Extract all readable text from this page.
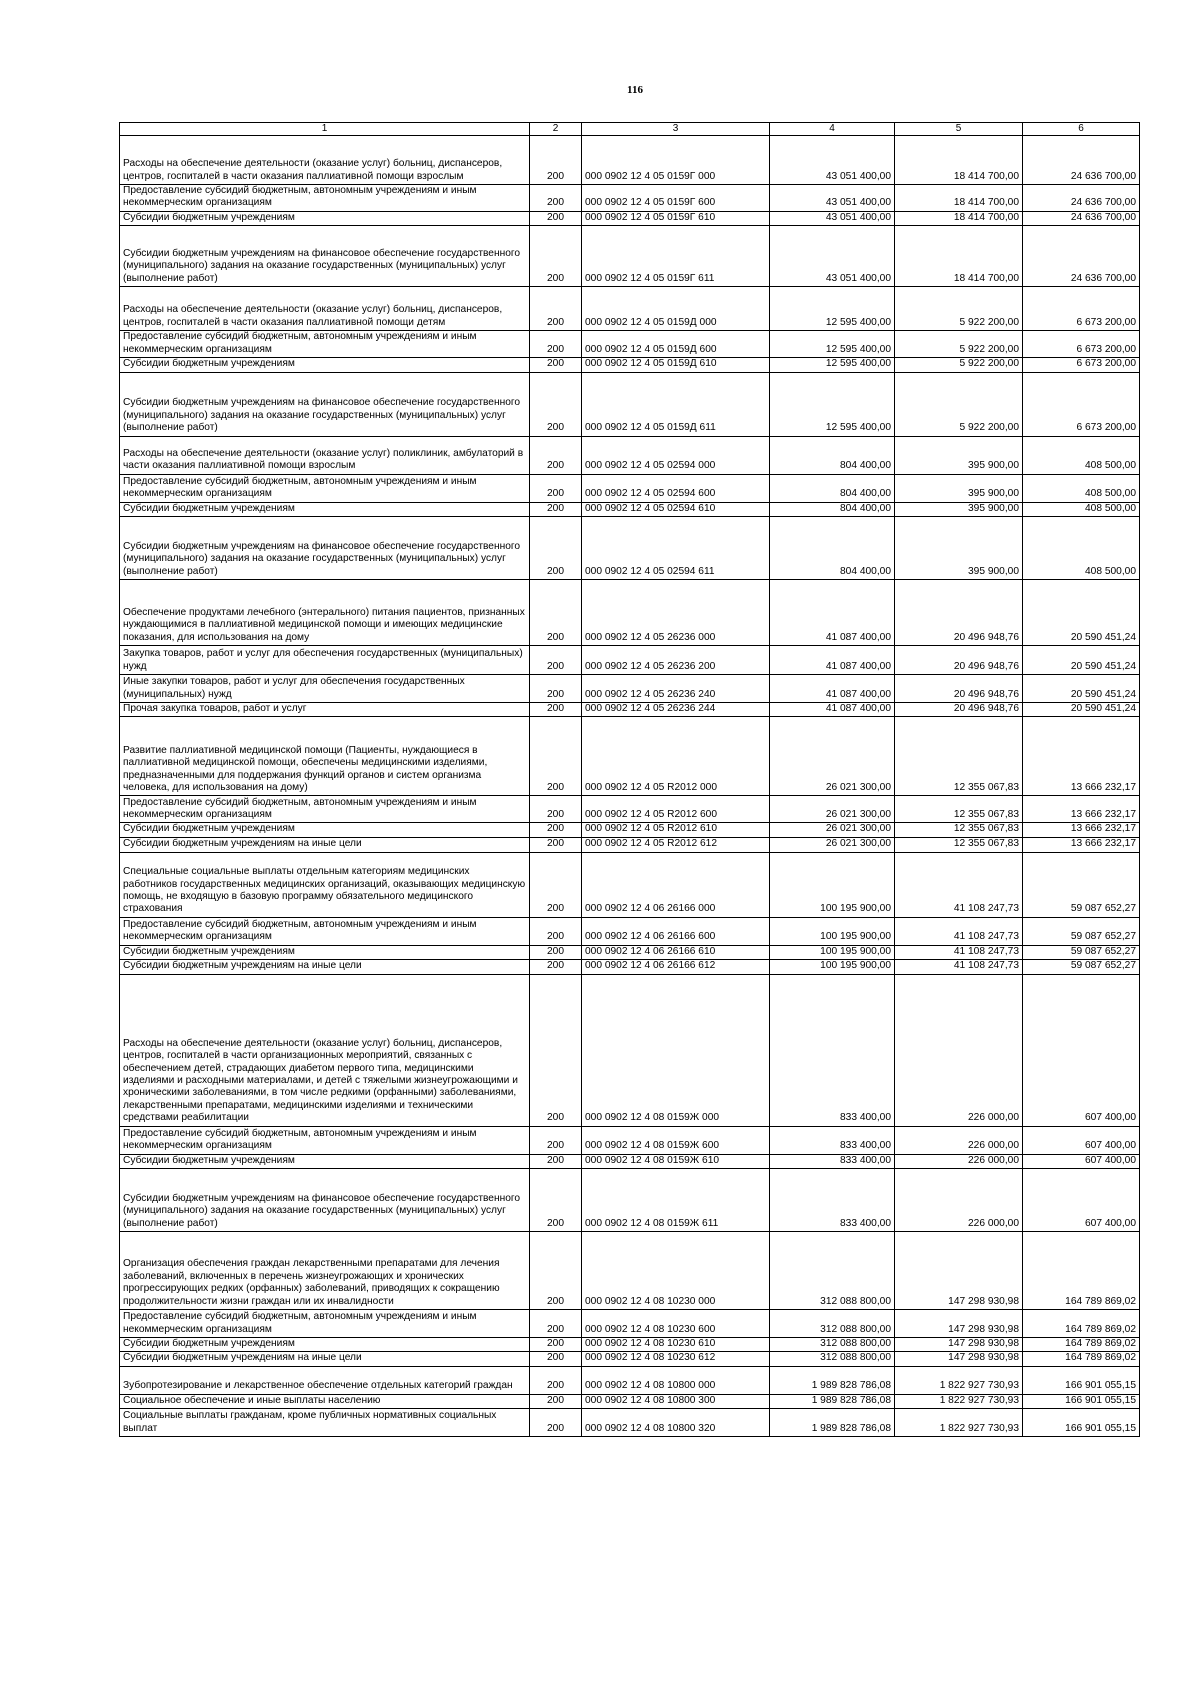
116
1	2	3	4	5	6
Расходы на обеспечение деятельности (оказание услуг) больниц, диспансеров, центров, госпиталей в части оказания паллиативной помощи взрослым	200	000 0902 12 4 05 0159Г 000	43 051 400,00	18 414 700,00	24 636 700,00
Предоставление субсидий бюджетным, автономным учреждениям и иным некоммерческим организациям	200	000 0902 12 4 05 0159Г 600	43 051 400,00	18 414 700,00	24 636 700,00
Субсидии бюджетным учреждениям	200	000 0902 12 4 05 0159Г 610	43 051 400,00	18 414 700,00	24 636 700,00
Субсидии бюджетным учреждениям на финансовое обеспечение государственного (муниципального) задания на оказание государственных (муниципальных) услуг (выполнение работ)	200	000 0902 12 4 05 0159Г 611	43 051 400,00	18 414 700,00	24 636 700,00
Расходы на обеспечение деятельности (оказание услуг) больниц, диспансеров, центров, госпиталей в части оказания паллиативной помощи детям	200	000 0902 12 4 05 0159Д 000	12 595 400,00	5 922 200,00	6 673 200,00
Предоставление субсидий бюджетным, автономным учреждениям и иным некоммерческим организациям	200	000 0902 12 4 05 0159Д 600	12 595 400,00	5 922 200,00	6 673 200,00
Субсидии бюджетным учреждениям	200	000 0902 12 4 05 0159Д 610	12 595 400,00	5 922 200,00	6 673 200,00
Субсидии бюджетным учреждениям на финансовое обеспечение государственного (муниципального) задания на оказание государственных (муниципальных) услуг (выполнение работ)	200	000 0902 12 4 05 0159Д 611	12 595 400,00	5 922 200,00	6 673 200,00
Расходы на обеспечение деятельности (оказание услуг) поликлиник, амбулаторий в части оказания паллиативной помощи взрослым	200	000 0902 12 4 05 02594 000	804 400,00	395 900,00	408 500,00
Предоставление субсидий бюджетным, автономным учреждениям и иным некоммерческим организациям	200	000 0902 12 4 05 02594 600	804 400,00	395 900,00	408 500,00
Субсидии бюджетным учреждениям	200	000 0902 12 4 05 02594 610	804 400,00	395 900,00	408 500,00
Субсидии бюджетным учреждениям на финансовое обеспечение государственного (муниципального) задания на оказание государственных (муниципальных) услуг (выполнение работ)	200	000 0902 12 4 05 02594 611	804 400,00	395 900,00	408 500,00
Обеспечение продуктами лечебного (энтерального) питания пациентов, признанных нуждающимися в паллиативной медицинской помощи и имеющих медицинские показания, для использования на дому	200	000 0902 12 4 05 26236 000	41 087 400,00	20 496 948,76	20 590 451,24
Закупка товаров, работ и услуг для обеспечения государственных (муниципальных) нужд	200	000 0902 12 4 05 26236 200	41 087 400,00	20 496 948,76	20 590 451,24
Иные закупки товаров, работ и услуг для обеспечения государственных (муниципальных) нужд	200	000 0902 12 4 05 26236 240	41 087 400,00	20 496 948,76	20 590 451,24
Прочая закупка товаров, работ и услуг	200	000 0902 12 4 05 26236 244	41 087 400,00	20 496 948,76	20 590 451,24
Развитие паллиативной медицинской помощи (Пациенты, нуждающиеся в паллиативной медицинской помощи, обеспечены медицинскими изделиями, предназначенными для поддержания функций органов и систем организма человека, для использования на дому)	200	000 0902 12 4 05 R2012 000	26 021 300,00	12 355 067,83	13 666 232,17
Предоставление субсидий бюджетным, автономным учреждениям и иным некоммерческим организациям	200	000 0902 12 4 05 R2012 600	26 021 300,00	12 355 067,83	13 666 232,17
Субсидии бюджетным учреждениям	200	000 0902 12 4 05 R2012 610	26 021 300,00	12 355 067,83	13 666 232,17
Субсидии бюджетным учреждениям на иные цели	200	000 0902 12 4 05 R2012 612	26 021 300,00	12 355 067,83	13 666 232,17
Специальные социальные выплаты отдельным категориям медицинских работников государственных медицинских организаций, оказывающих медицинскую помощь, не входящую в базовую программу обязательного медицинского страхования	200	000 0902 12 4 06 26166 000	100 195 900,00	41 108 247,73	59 087 652,27
Предоставление субсидий бюджетным, автономным учреждениям и иным некоммерческим организациям	200	000 0902 12 4 06 26166 600	100 195 900,00	41 108 247,73	59 087 652,27
Субсидии бюджетным учреждениям	200	000 0902 12 4 06 26166 610	100 195 900,00	41 108 247,73	59 087 652,27
Субсидии бюджетным учреждениям на иные цели	200	000 0902 12 4 06 26166 612	100 195 900,00	41 108 247,73	59 087 652,27
Расходы на обеспечение деятельности (оказание услуг) больниц, диспансеров, центров, госпиталей в части организационных мероприятий, связанных с обеспечением детей, страдающих диабетом первого типа, медицинскими изделиями и расходными материалами, и детей с тяжелыми жизнеугрожающими и хроническими заболеваниями, в том числе редкими (орфанными) заболеваниями, лекарственными препаратами, медицинскими изделиями и техническими средствами реабилитации	200	000 0902 12 4 08 0159Ж 000	833 400,00	226 000,00	607 400,00
Предоставление субсидий бюджетным, автономным учреждениям и иным некоммерческим организациям	200	000 0902 12 4 08 0159Ж 600	833 400,00	226 000,00	607 400,00
Субсидии бюджетным учреждениям	200	000 0902 12 4 08 0159Ж 610	833 400,00	226 000,00	607 400,00
Субсидии бюджетным учреждениям на финансовое обеспечение государственного (муниципального) задания на оказание государственных (муниципальных) услуг (выполнение работ)	200	000 0902 12 4 08 0159Ж 611	833 400,00	226 000,00	607 400,00
Организация обеспечения граждан лекарственными препаратами для лечения заболеваний, включенных в перечень жизнеугрожающих и хронических прогрессирующих редких (орфанных) заболеваний, приводящих к сокращению продолжительности жизни граждан или их инвалидности	200	000 0902 12 4 08 10230 000	312 088 800,00	147 298 930,98	164 789 869,02
Предоставление субсидий бюджетным, автономным учреждениям и иным некоммерческим организациям	200	000 0902 12 4 08 10230 600	312 088 800,00	147 298 930,98	164 789 869,02
Субсидии бюджетным учреждениям	200	000 0902 12 4 08 10230 610	312 088 800,00	147 298 930,98	164 789 869,02
Субсидии бюджетным учреждениям на иные цели	200	000 0902 12 4 08 10230 612	312 088 800,00	147 298 930,98	164 789 869,02
Зубопротезирование и лекарственное обеспечение отдельных категорий граждан	200	000 0902 12 4 08 10800 000	1 989 828 786,08	1 822 927 730,93	166 901 055,15
Социальное обеспечение и иные выплаты населению	200	000 0902 12 4 08 10800 300	1 989 828 786,08	1 822 927 730,93	166 901 055,15
Социальные выплаты гражданам, кроме публичных нормативных социальных выплат	200	000 0902 12 4 08 10800 320	1 989 828 786,08	1 822 927 730,93	166 901 055,15
